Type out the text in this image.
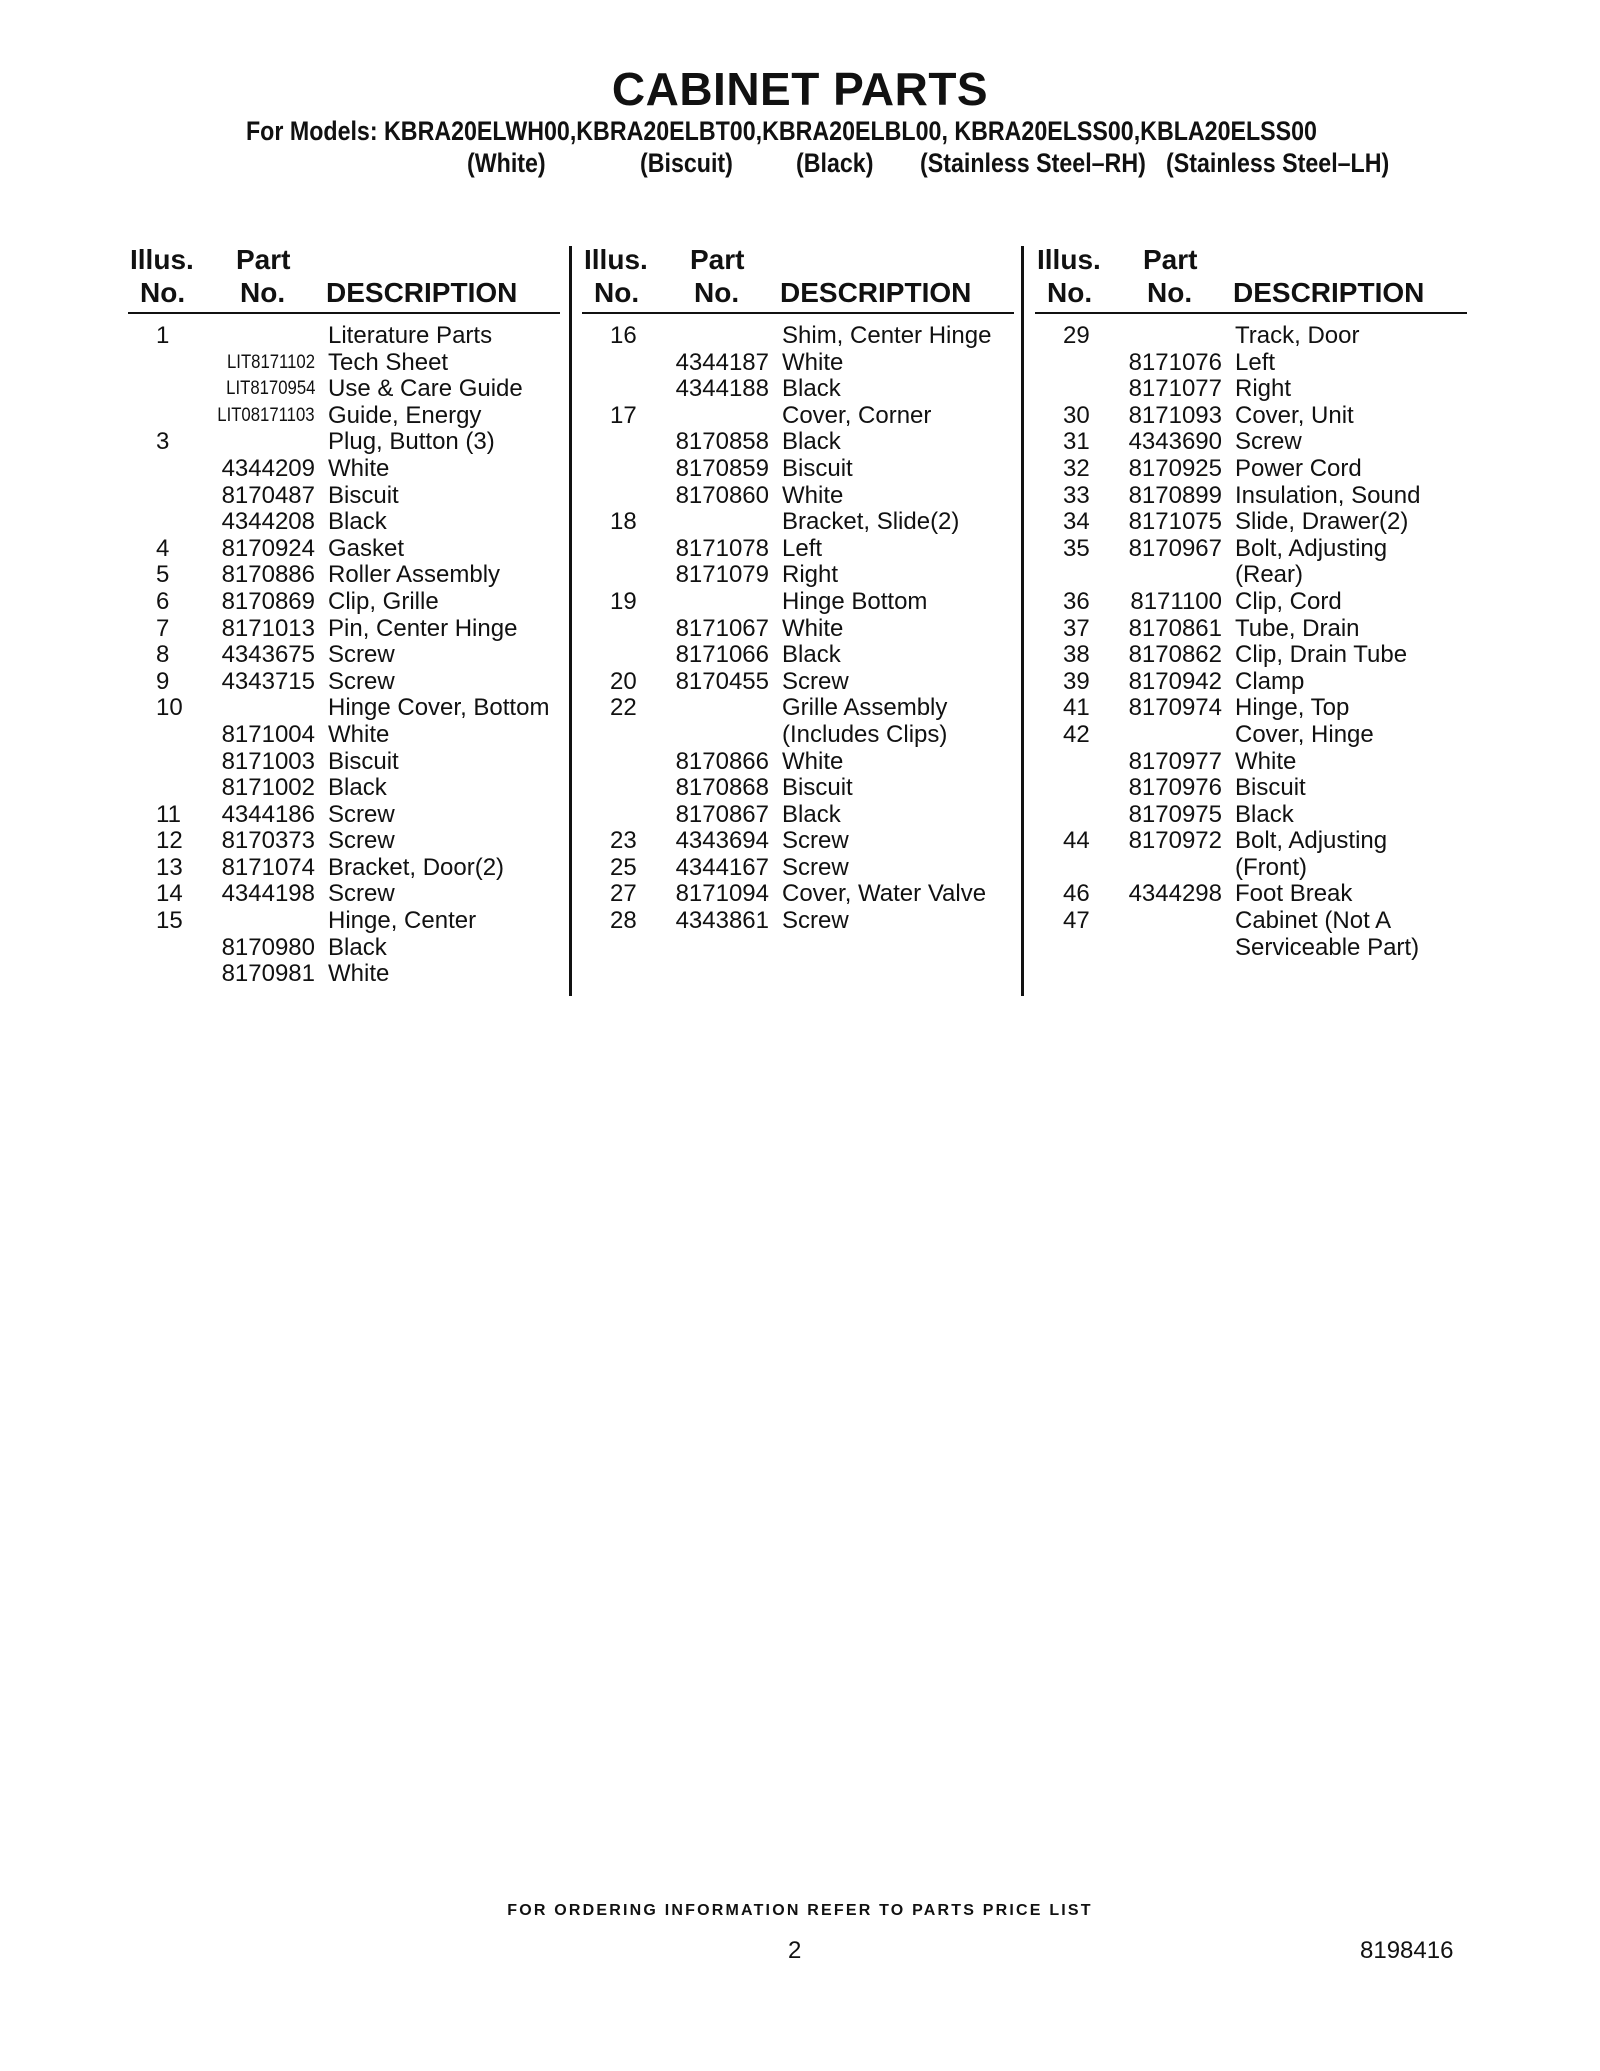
CABINET PARTS
For Models: KBRA20ELWH00,KBRA20ELBT00,KBRA20ELBL00, KBRA20ELSS00,KBLA20ELSS00
(White)	(Biscuit) (Black) (Stainless Steel–RH) (Stainless Steel–LH)
Illus.
No.
Part
No. DESCRIPTION
1	Literature Parts
LIT8171102 Tech Sheet
LIT8170954 Use & Care Guide
LIT08171103 Guide, Energy
3	Plug, Button (3)
4344209 White
8170487 Biscuit
4344208 Black
4 8170924 Gasket
5 8170886 Roller Assembly
6 8170869 Clip, Grille
7 8171013 Pin, Center Hinge
8 4343675 Screw
9 4343715 Screw
10	Hinge Cover, Bottom
8171004 White
8171003 Biscuit
8171002 Black
11 4344186 Screw
12 8170373 Screw
13 8171074 Bracket, Door(2)
14 4344198 Screw
15	Hinge, Center
8170980 Black
8170981 White
Illus.
No.
Part
No. DESCRIPTION
16	Shim, Center Hinge
4344187 White
4344188 Black
17	Cover, Corner
8170858 Black
8170859 Biscuit
8170860 White
18	Bracket, Slide(2)
8171078 Left
8171079 Right
19	Hinge Bottom
8171067 White
8171066 Black
20 8170455 Screw
22	Grille Assembly
(Includes Clips)
8170866 White
8170868 Biscuit
8170867 Black
23 4343694 Screw
25 4344167 Screw
27 8171094 Cover, Water Valve
28 4343861 Screw
Illus.
No.
Part
No. DESCRIPTION
29	Track, Door
8171076 Left
8171077 Right
30 8171093 Cover, Unit
31 4343690 Screw
32 8170925 Power Cord
33 8170899 Insulation, Sound
34 8171075 Slide, Drawer(2)
35 8170967 Bolt, Adjusting
(Rear)
36 8171100 Clip, Cord
37 8170861 Tube, Drain
38 8170862 Clip, Drain Tube
39 8170942 Clamp
41 8170974 Hinge, Top
42	Cover, Hinge
8170977 White
8170976 Biscuit
8170975 Black
44 8170972 Bolt, Adjusting
(Front)
46 4344298 Foot Break
47	Cabinet (Not A
Serviceable Part)
FOR ORDERING INFORMATION REFER TO PARTS PRICE LIST
2	8198416
